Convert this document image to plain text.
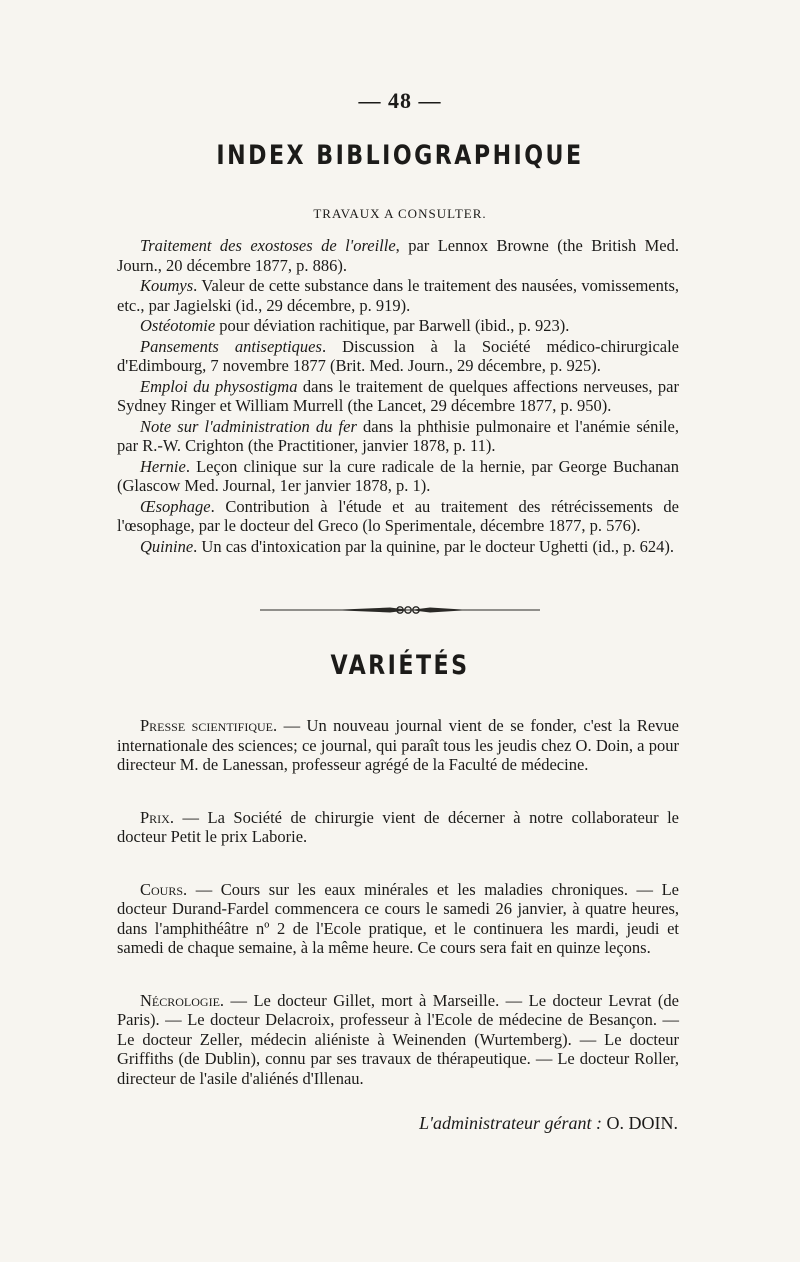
— 48 —
INDEX BIBLIOGRAPHIQUE
TRAVAUX A CONSULTER.

Traitement des exostoses de l'oreille, par Lennox Browne (the British Med. Journ., 20 décembre 1877, p. 886).

Koumys. Valeur de cette substance dans le traitement des nausées, vomissements, etc., par Jagielski (id., 29 décembre, p. 919).

Ostéotomie pour déviation rachitique, par Barwell (ibid., p. 923).

Pansements antiseptiques. Discussion à la Société médico-chirurgicale d'Edimbourg, 7 novembre 1877 (Brit. Med. Journ., 29 décembre, p. 925).

Emploi du physostigma dans le traitement de quelques affections nerveuses, par Sydney Ringer et William Murrell (the Lancet, 29 décembre 1877, p. 950).

Note sur l'administration du fer dans la phthisie pulmonaire et l'anémie sénile, par R.-W. Crighton (the Practitioner, janvier 1878, p. 11).

Hernie. Leçon clinique sur la cure radicale de la hernie, par George Buchanan (Glascow Med. Journal, 1er janvier 1878, p. 1).

Œsophage. Contribution à l'étude et au traitement des rétrécissements de l'œsophage, par le docteur del Greco (lo Sperimentale, décembre 1877, p. 576).

Quinine. Un cas d'intoxication par la quinine, par le docteur Ughetti (id., p. 624).

VARIÉTÉS

Presse scientifique. — Un nouveau journal vient de se fonder, c'est la Revue internationale des sciences; ce journal, qui paraît tous les jeudis chez O. Doin, a pour directeur M. de Lanessan, professeur agrégé de la Faculté de médecine.

Prix. — La Société de chirurgie vient de décerner à notre collaborateur le docteur Petit le prix Laborie.

Cours. — Cours sur les eaux minérales et les maladies chroniques. — Le docteur Durand-Fardel commencera ce cours le samedi 26 janvier, à quatre heures, dans l'amphithéâtre nº 2 de l'Ecole pratique, et le continuera les mardi, jeudi et samedi de chaque semaine, à la même heure. Ce cours sera fait en quinze leçons.

Nécrologie. — Le docteur Gillet, mort à Marseille. — Le docteur Levrat (de Paris). — Le docteur Delacroix, professeur à l'Ecole de médecine de Besançon. — Le docteur Zeller, médecin aliéniste à Weinenden (Wurtemberg). — Le docteur Griffiths (de Dublin), connu par ses travaux de thérapeutique. — Le docteur Roller, directeur de l'asile d'aliénés d'Illenau.

L'administrateur gérant : O. DOIN.
